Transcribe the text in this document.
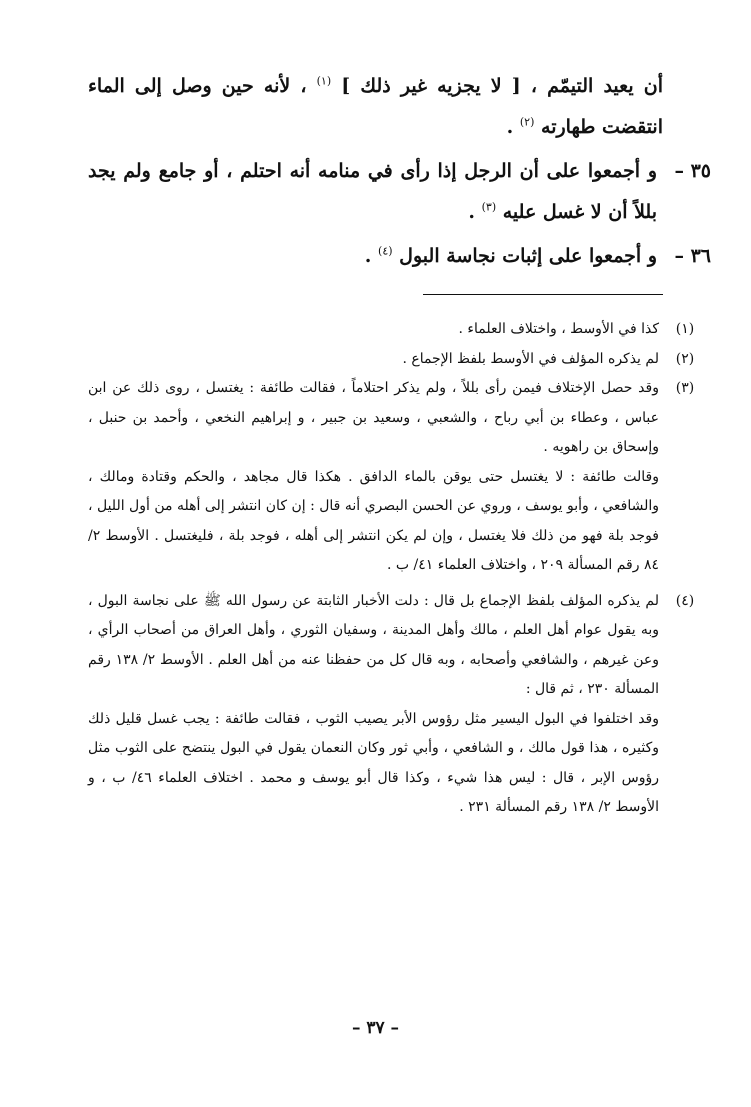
أن يعيد التيمّم ، [ لا يجزيه غير ذلك ] $^{(١)}$ ، لأنه حين وصل إلى الماء انتقضت طهارته $^{(٢)}$ .

٣٥ –
و أجمعوا على أن الرجل إذا رأى في منامه أنه احتلم ، أو جامع ولم يجد بللاً أن لا غسل عليه $^{(٣)}$ .

٣٦ –
و أجمعوا على إثبات نجاسة البول $^{(٤)}$ .

(١)

كذا في الأوسط ، واختلاف العلماء .

(٢)

لم يذكره المؤلف في الأوسط بلفظ الإجماع .

(٣)

وقد حصل الإختلاف فيمن رأى بللاً ، ولم يذكر احتلاماً ، فقالت طائفة : يغتسل ، روى ذلك عن ابن عباس ، وعطاء بن أبي رباح ، والشعبي ، وسعيد بن جبير ، و إبراهيم النخعي ، وأحمد بن حنبل ، وإسحاق بن راهويه .

وقالت طائفة : لا يغتسل حتى يوقن بالماء الدافق . هكذا قال مجاهد ، والحكم وقتادة ومالك ، والشافعي ، وأبو يوسف ، وروي عن الحسن البصري أنه قال : إن كان انتشر إلى أهله من أول الليل ، فوجد بلة فهو من ذلك فلا يغتسل ، وإن لم يكن انتشر إلى أهله ، فوجد بلة ، فليغتسل . الأوسط ٢/ ٨٤ رقم المسألة ٢٠٩ ، واختلاف العلماء ٤١/ ب .

(٤)

لم يذكره المؤلف بلفظ الإجماع بل قال : دلت الأخبار الثابتة عن رسول الله ﷺ على نجاسة البول ، وبه يقول عوام أهل العلم ، مالك وأهل المدينة ، وسفيان الثوري ، وأهل العراق من أصحاب الرأي ، وعن غيرهم ، والشافعي وأصحابه ، وبه قال كل من حفظنا عنه من أهل العلم . الأوسط ٢/ ١٣٨ رقم المسألة ٢٣٠ ، ثم قال :

وقد اختلفوا في البول اليسير مثل رؤوس الأبر يصيب الثوب ، فقالت طائفة : يجب غسل قليل ذلك وكثيره ، هذا قول مالك ، و الشافعي ، وأبي ثور وكان النعمان يقول في البول ينتضح على الثوب مثل رؤوس الإبر ، قال : ليس هذا شيء ، وكذا قال أبو يوسف و محمد . اختلاف العلماء ٤٦/ ب ، و الأوسط ٢/ ١٣٨ رقم المسألة ٢٣١ .

– ٣٧ –
